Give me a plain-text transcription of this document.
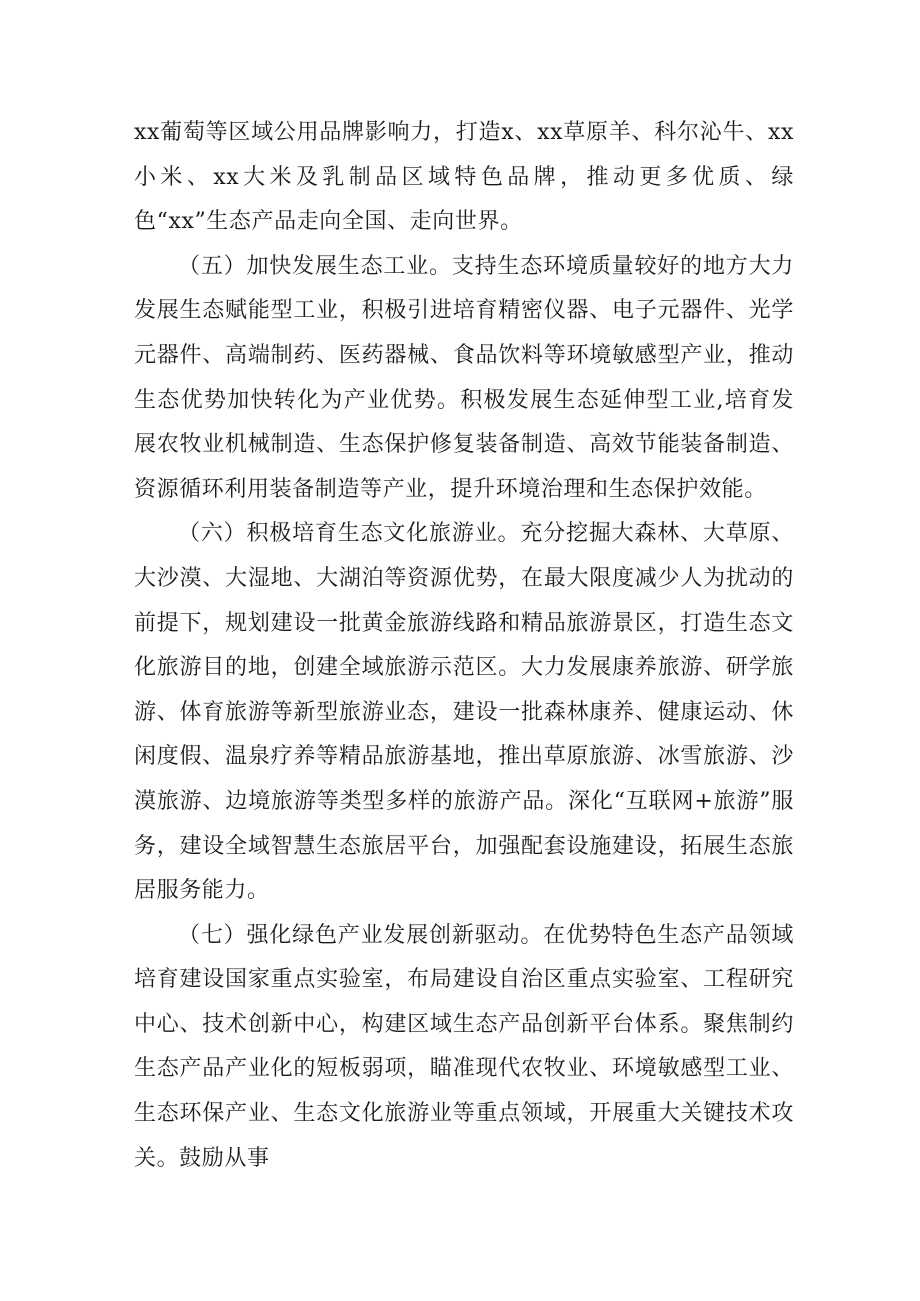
xx葡萄等区域公用品牌影响力，打造x、xx草原羊、科尔沁牛、xx小米、xx大米及乳制品区域特色品牌，推动更多优质、绿色“xx”生态产品走向全国、走向世界。

（五）加快发展生态工业。支持生态环境质量较好的地方大力发展生态赋能型工业，积极引进培育精密仪器、电子元器件、光学元器件、高端制药、医药器械、食品饮料等环境敏感型产业，推动生态优势加快转化为产业优势。积极发展生态延伸型工业,培育发展农牧业机械制造、生态保护修复装备制造、高效节能装备制造、资源循环利用装备制造等产业，提升环境治理和生态保护效能。

（六）积极培育生态文化旅游业。充分挖掘大森林、大草原、大沙漠、大湿地、大湖泊等资源优势，在最大限度减少人为扰动的前提下，规划建设一批黄金旅游线路和精品旅游景区，打造生态文化旅游目的地，创建全域旅游示范区。大力发展康养旅游、研学旅游、体育旅游等新型旅游业态，建设一批森林康养、健康运动、休闲度假、温泉疗养等精品旅游基地，推出草原旅游、冰雪旅游、沙漠旅游、边境旅游等类型多样的旅游产品。深化“互联网+旅游”服务，建设全域智慧生态旅居平台，加强配套设施建设，拓展生态旅居服务能力。

（七）强化绿色产业发展创新驱动。在优势特色生态产品领域培育建设国家重点实验室，布局建设自治区重点实验室、工程研究中心、技术创新中心，构建区域生态产品创新平台体系。聚焦制约生态产品产业化的短板弱项，瞄准现代农牧业、环境敏感型工业、生态环保产业、生态文化旅游业等重点领域，开展重大关键技术攻关。鼓励从事
